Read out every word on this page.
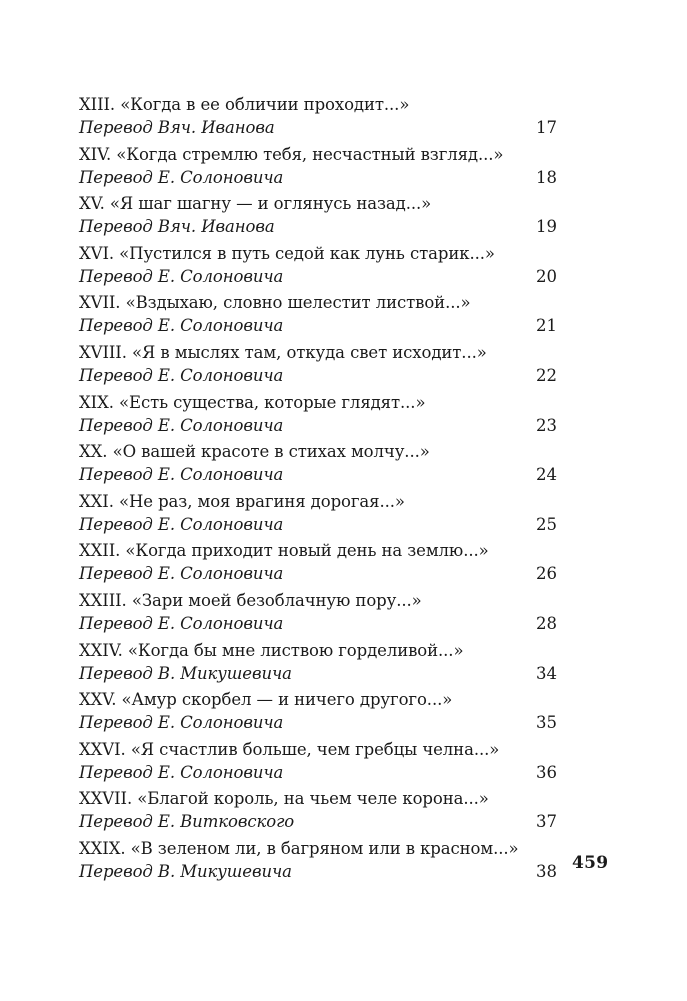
XIII. «Когда в ее обличии проходит...»
Перевод Вяч. Иванова	17
XIV. «Когда стремлю тебя, несчастный взгляд...»
Перевод Е. Солоновича	18
XV. «Я шаг шагну — и оглянусь назад...»
Перевод Вяч. Иванова	19
XVI. «Пустился в путь седой как лунь старик...»
Перевод Е. Солоновича	20
XVII. «Вздыхаю, словно шелестит листвой...»
Перевод Е. Солоновича	21
XVIII. «Я в мыслях там, откуда свет исходит...»
Перевод Е. Солоновича	22
XIX. «Есть существа, которые глядят...»
Перевод Е. Солоновича	23
XX. «О вашей красоте в стихах молчу...»
Перевод Е. Солоновича	24
XXI. «Не раз, моя врагиня дорогая...»
Перевод Е. Солоновича	25
XXII. «Когда приходит новый день на землю...»
Перевод Е. Солоновича	26
XXIII. «Зари моей безоблачную пору...»
Перевод Е. Солоновича	28
XXIV. «Когда бы мне листвою горделивой...»
Перевод В. Микушевича	34
XXV. «Амур скорбел — и ничего другого...»
Перевод Е. Солоновича	35
XXVI. «Я счастлив больше, чем гребцы челна...»
Перевод Е. Солоновича	36
XXVII. «Благой король, на чьем челе корона...»
Перевод Е. Витковского	37
XXIX. «В зеленом ли, в багряном или в красном...»
Перевод В. Микушевича	38 459
